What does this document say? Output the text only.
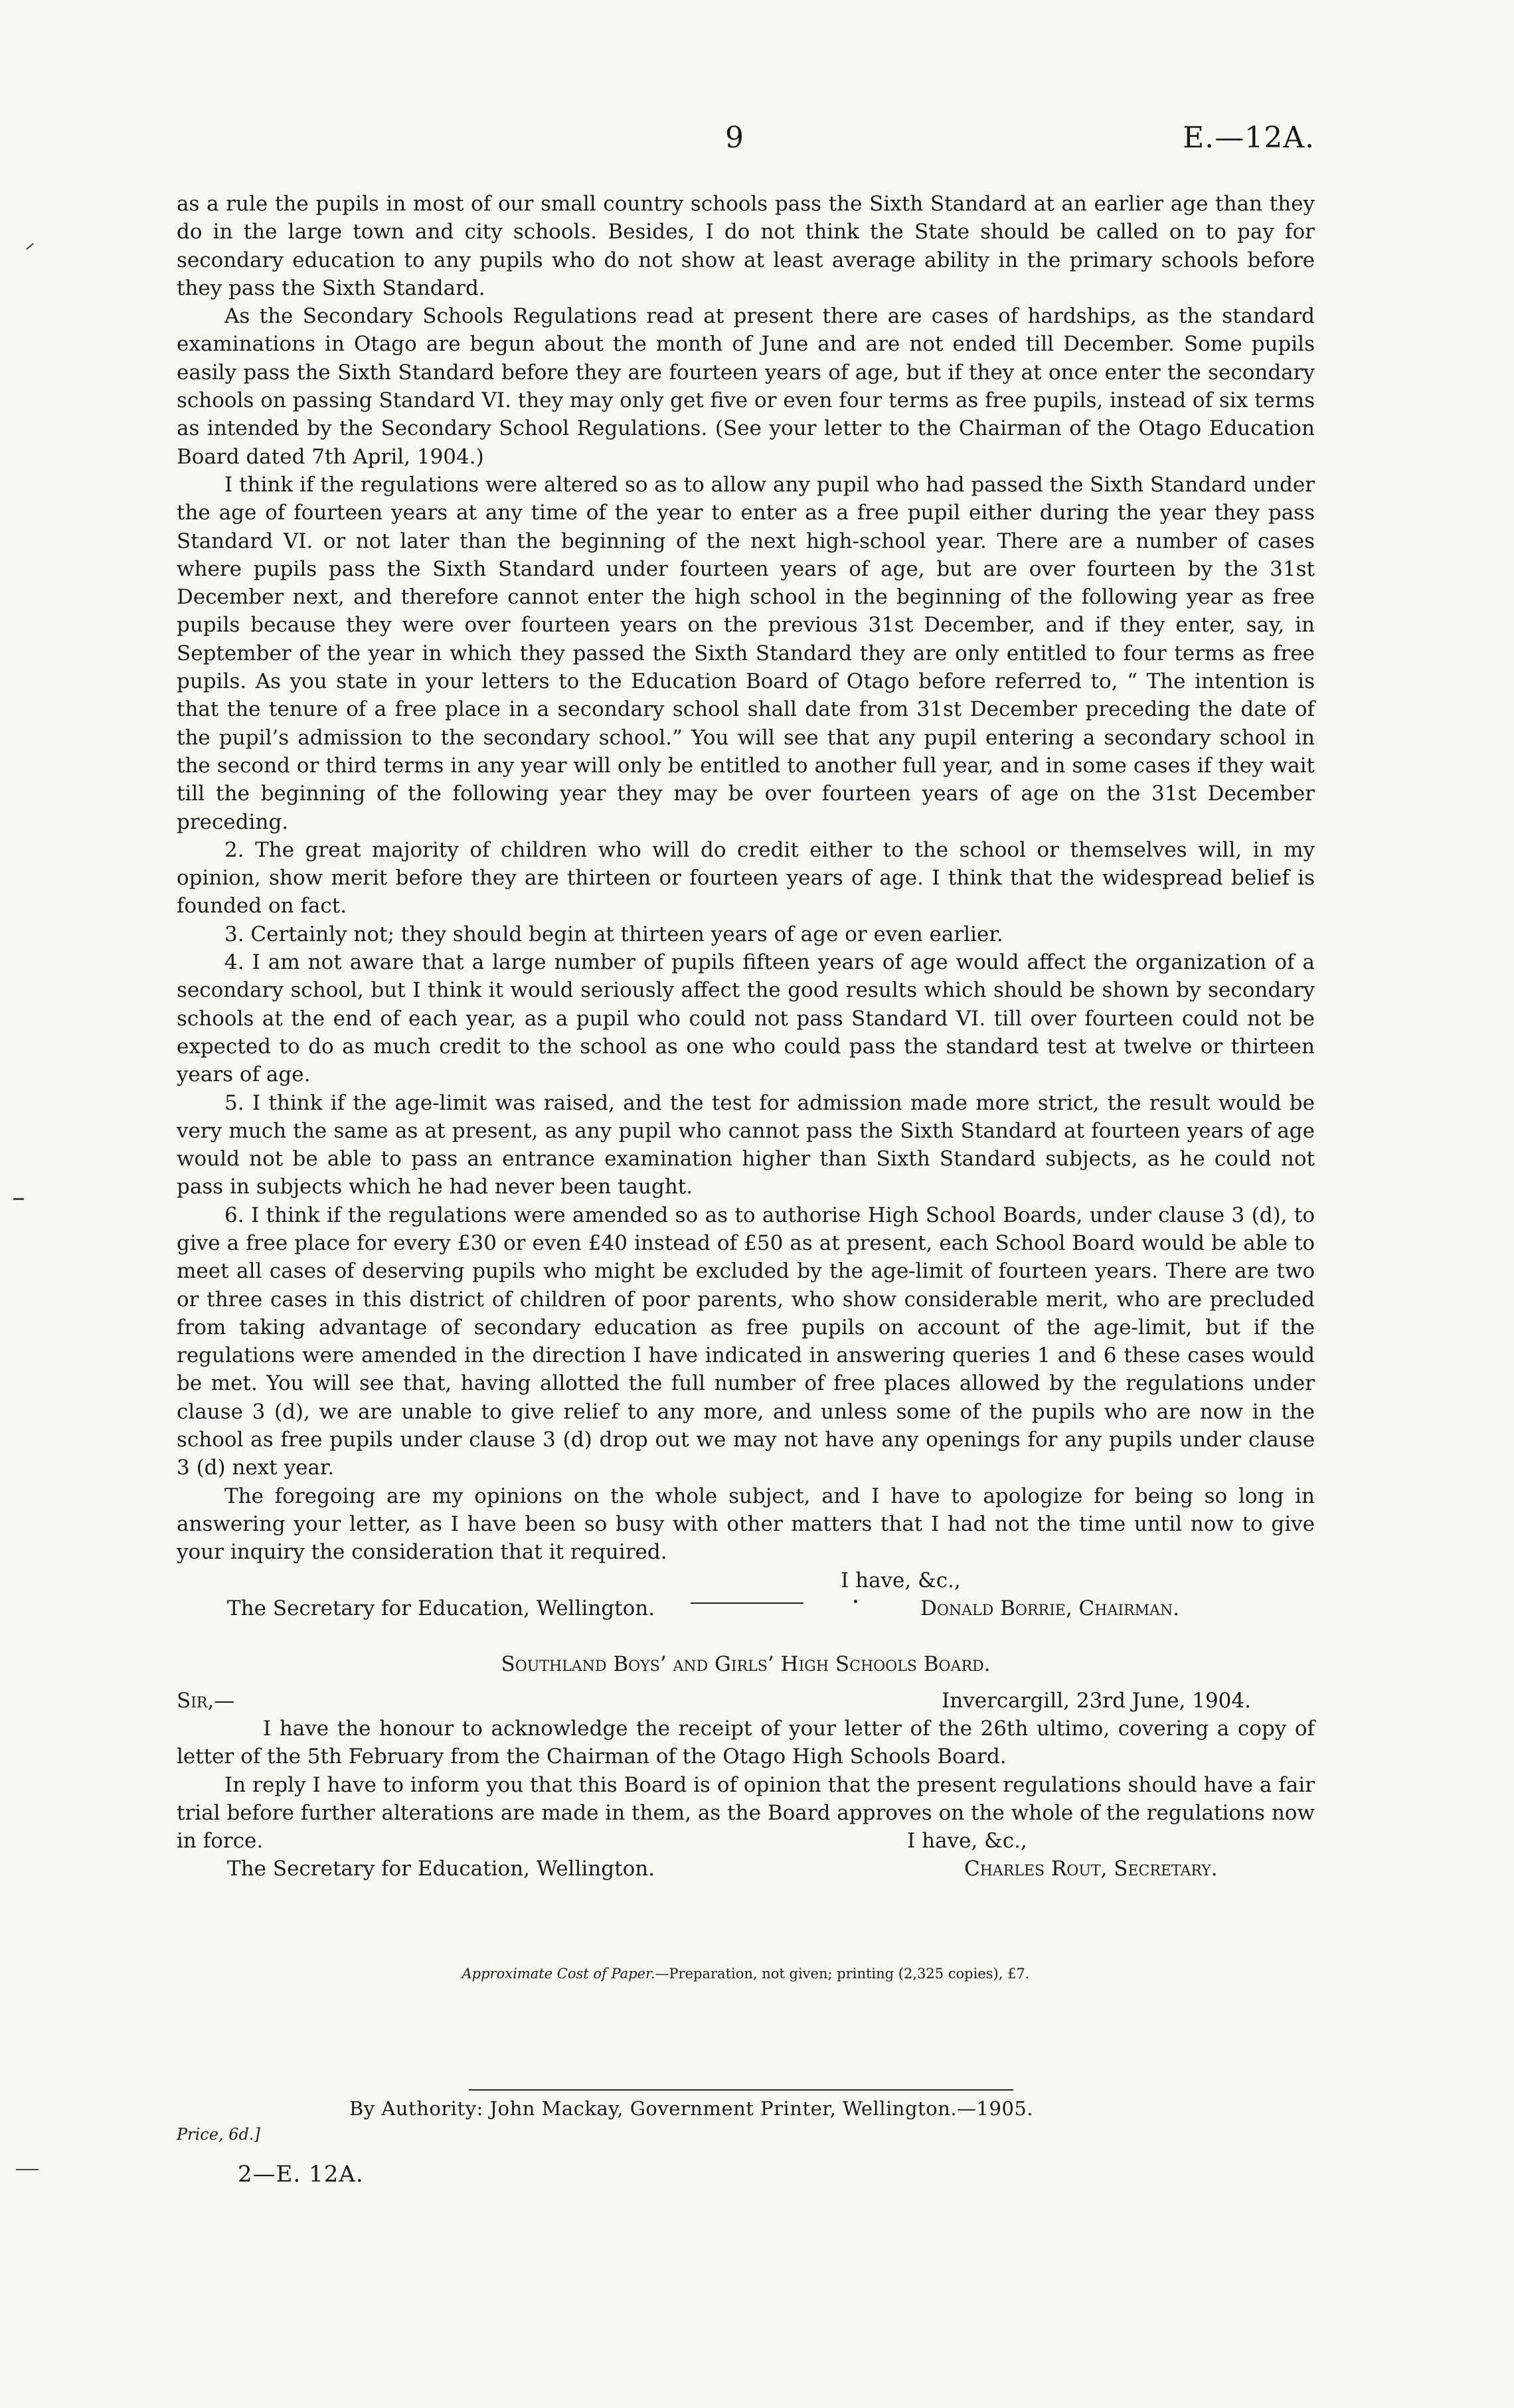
9	E.—12A.

as a rule the pupils in most of our small country schools pass the Sixth Standard at an earlier age than they do in the large town and city schools. Besides, I do not think the State should be called on to pay for secondary education to any pupils who do not show at least average ability in the primary schools before they pass the Sixth Standard.

As the Secondary Schools Regulations read at present there are cases of hardships, as the standard examinations in Otago are begun about the month of June and are not ended till December. Some pupils easily pass the Sixth Standard before they are fourteen years of age, but if they at once enter the secondary schools on passing Standard VI. they may only get five or even four terms as free pupils, instead of six terms as intended by the Secondary School Regulations. (See your letter to the Chairman of the Otago Education Board dated 7th April, 1904.)

I think if the regulations were altered so as to allow any pupil who had passed the Sixth Standard under the age of fourteen years at any time of the year to enter as a free pupil either during the year they pass Standard VI. or not later than the beginning of the next high-school year. There are a number of cases where pupils pass the Sixth Standard under fourteen years of age, but are over fourteen by the 31st December next, and therefore cannot enter the high school in the beginning of the following year as free pupils because they were over fourteen years on the previous 31st December, and if they enter, say, in September of the year in which they passed the Sixth Standard they are only entitled to four terms as free pupils. As you state in your letters to the Education Board of Otago before referred to, “ The intention is that the tenure of a free place in a secondary school shall date from 31st December preceding the date of the pupil’s admission to the secondary school.” You will see that any pupil entering a secondary school in the second or third terms in any year will only be entitled to another full year, and in some cases if they wait till the beginning of the following year they may be over fourteen years of age on the 31st December preceding.

2. The great majority of children who will do credit either to the school or themselves will, in my opinion, show merit before they are thirteen or fourteen years of age. I think that the widespread belief is founded on fact.

3. Certainly not; they should begin at thirteen years of age or even earlier.

4. I am not aware that a large number of pupils fifteen years of age would affect the organization of a secondary school, but I think it would seriously affect the good results which should be shown by secondary schools at the end of each year, as a pupil who could not pass Standard VI. till over fourteen could not be expected to do as much credit to the school as one who could pass the standard test at twelve or thirteen years of age.

5. I think if the age-limit was raised, and the test for admission made more strict, the result would be very much the same as at present, as any pupil who cannot pass the Sixth Standard at fourteen years of age would not be able to pass an entrance examination higher than Sixth Standard subjects, as he could not pass in subjects which he had never been taught.

6. I think if the regulations were amended so as to authorise High School Boards, under clause 3 (d), to give a free place for every £30 or even £40 instead of £50 as at present, each School Board would be able to meet all cases of deserving pupils who might be excluded by the age-limit of fourteen years. There are two or three cases in this district of children of poor parents, who show considerable merit, who are precluded from taking advantage of secondary education as free pupils on account of the age-limit, but if the regulations were amended in the direction I have indicated in answering queries 1 and 6 these cases would be met. You will see that, having allotted the full number of free places allowed by the regulations under clause 3 (d), we are unable to give relief to any more, and unless some of the pupils who are now in the school as free pupils under clause 3 (d) drop out we may not have any openings for any pupils under clause 3 (d) next year.

The foregoing are my opinions on the whole subject, and I have to apologize for being so long in answering your letter, as I have been so busy with other matters that I had not the time until now to give your inquiry the consideration that it required.

I have, &c.,
The Secretary for Education, Wellington.	Donald Borrie, Chairman.
Southland Boys’ and Girls’ High Schools Board.
Sir,—	Invercargill, 23rd June, 1904.

I have the honour to acknowledge the receipt of your letter of the 26th ultimo, covering a copy of letter of the 5th February from the Chairman of the Otago High Schools Board.

In reply I have to inform you that this Board is of opinion that the present regulations should have a fair trial before further alterations are made in them, as the Board approves on the whole of the regulations now in force.	I have, &c.,
The Secretary for Education, Wellington.	Charles Rout, Secretary.
Approximate Cost of Paper.—Preparation, not given; printing (2,325 copies), £7.
By Authority: John Mackay, Government Printer, Wellington.—1905.
Price, 6d.]
2—E. 12A.
